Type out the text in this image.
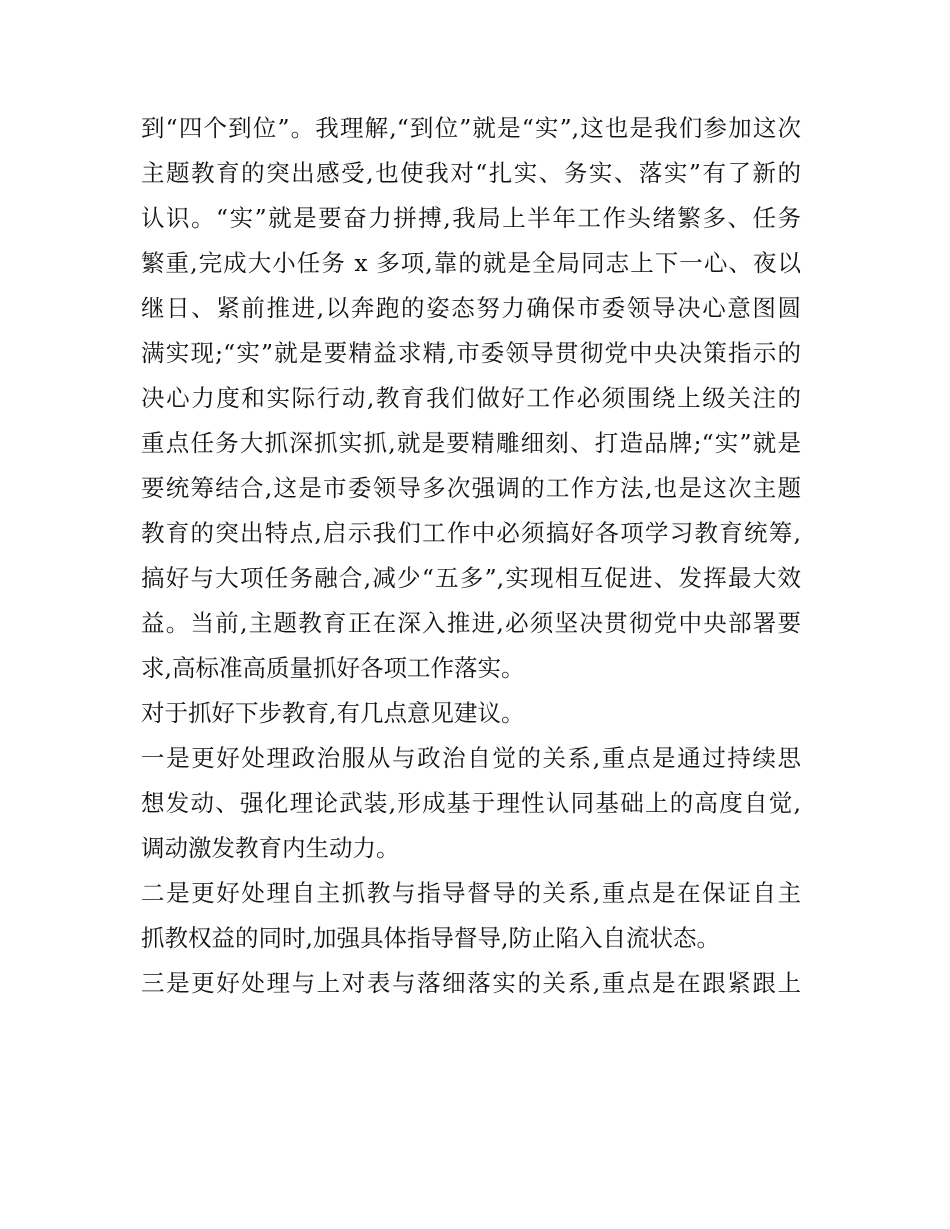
到“四个到位”。我理解,“到位”就是“实”,这也是我们参加这次
主题教育的突出感受,也使我对“扎实、务实、落实”有了新的
认识。“实”就是要奋力拼搏,我局上半年工作头绪繁多、任务
繁重,完成大小任务 x 多项,靠的就是全局同志上下一心、夜以
继日、紧前推进,以奔跑的姿态努力确保市委领导决心意图圆
满实现;“实”就是要精益求精,市委领导贯彻党中央决策指示的
决心力度和实际行动,教育我们做好工作必须围绕上级关注的
重点任务大抓深抓实抓,就是要精雕细刻、打造品牌;“实”就是
要统筹结合,这是市委领导多次强调的工作方法,也是这次主题
教育的突出特点,启示我们工作中必须搞好各项学习教育统筹,
搞好与大项任务融合,减少“五多”,实现相互促进、发挥最大效
益。当前,主题教育正在深入推进,必须坚决贯彻党中央部署要
求,高标准高质量抓好各项工作落实。
对于抓好下步教育,有几点意见建议。
一是更好处理政治服从与政治自觉的关系,重点是通过持续思
想发动、强化理论武装,形成基于理性认同基础上的高度自觉,
调动激发教育内生动力。
二是更好处理自主抓教与指导督导的关系,重点是在保证自主
抓教权益的同时,加强具体指导督导,防止陷入自流状态。
三是更好处理与上对表与落细落实的关系,重点是在跟紧跟上
